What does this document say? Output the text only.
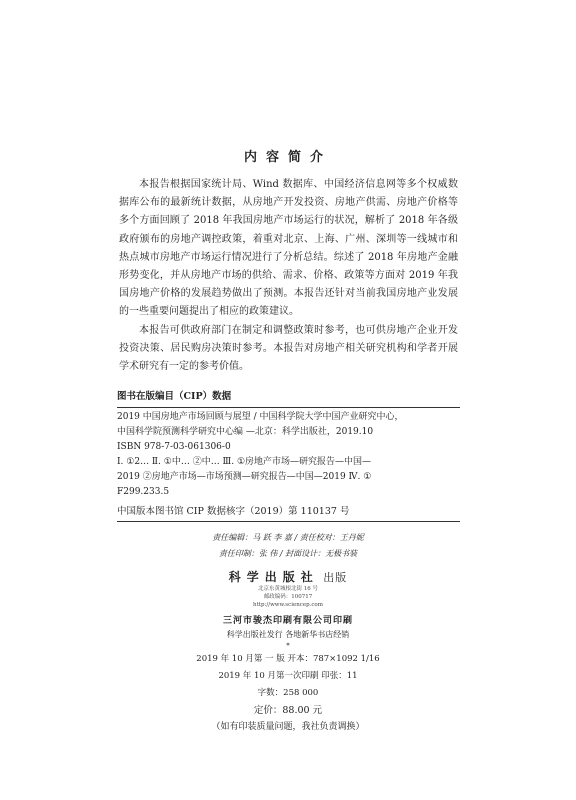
内容简介

本报告根据国家统计局、Wind 数据库、中国经济信息网等多个权威数据库公布的最新统计数据，从房地产开发投资、房地产供需、房地产价格等多个方面回顾了 2018 年我国房地产市场运行的状况，解析了 2018 年各级政府颁布的房地产调控政策，着重对北京、上海、广州、深圳等一线城市和热点城市房地产市场运行情况进行了分析总结。综述了 2018 年房地产金融形势变化，并从房地产市场的供给、需求、价格、政策等方面对 2019 年我国房地产价格的发展趋势做出了预测。本报告还针对当前我国房地产业发展的一些重要问题提出了相应的政策建议。

本报告可供政府部门在制定和调整政策时参考，也可供房地产企业开发投资决策、居民购房决策时参考。本报告对房地产相关研究机构和学者开展学术研究有一定的参考价值。

图书在版编目（CIP）数据
2019 中国房地产市场回顾与展望 / 中国科学院大学中国产业研究中心，
中国科学院预测科学研究中心编 —北京：科学出版社，2019.10
ISBN 978-7-03-061306-0
Ⅰ. ①2… Ⅱ. ①中… ②中… Ⅲ. ①房地产市场—研究报告—中国—
2019 ②房地产市场—市场预测—研究报告—中国—2019 Ⅳ. ①
F299.233.5
中国版本图书馆 CIP 数据核字（2019）第 110137 号
责任编辑：马 跃 李 嘉 / 责任校对：王丹妮
责任印制：张 伟 / 封面设计：无极书装
科学出版社 出版
北京东黄城根北街 16 号
邮政编码：100717
http://www.sciencep.com
三河市骏杰印刷有限公司印刷
科学出版社发行 各地新华书店经销
*
2019 年 10 月第 一 版 开本：787×1092 1/16
2019 年 10 月第一次印刷 印张：11
字数：258 000
定价：88.00 元
（如有印装质量问题，我社负责调换）
